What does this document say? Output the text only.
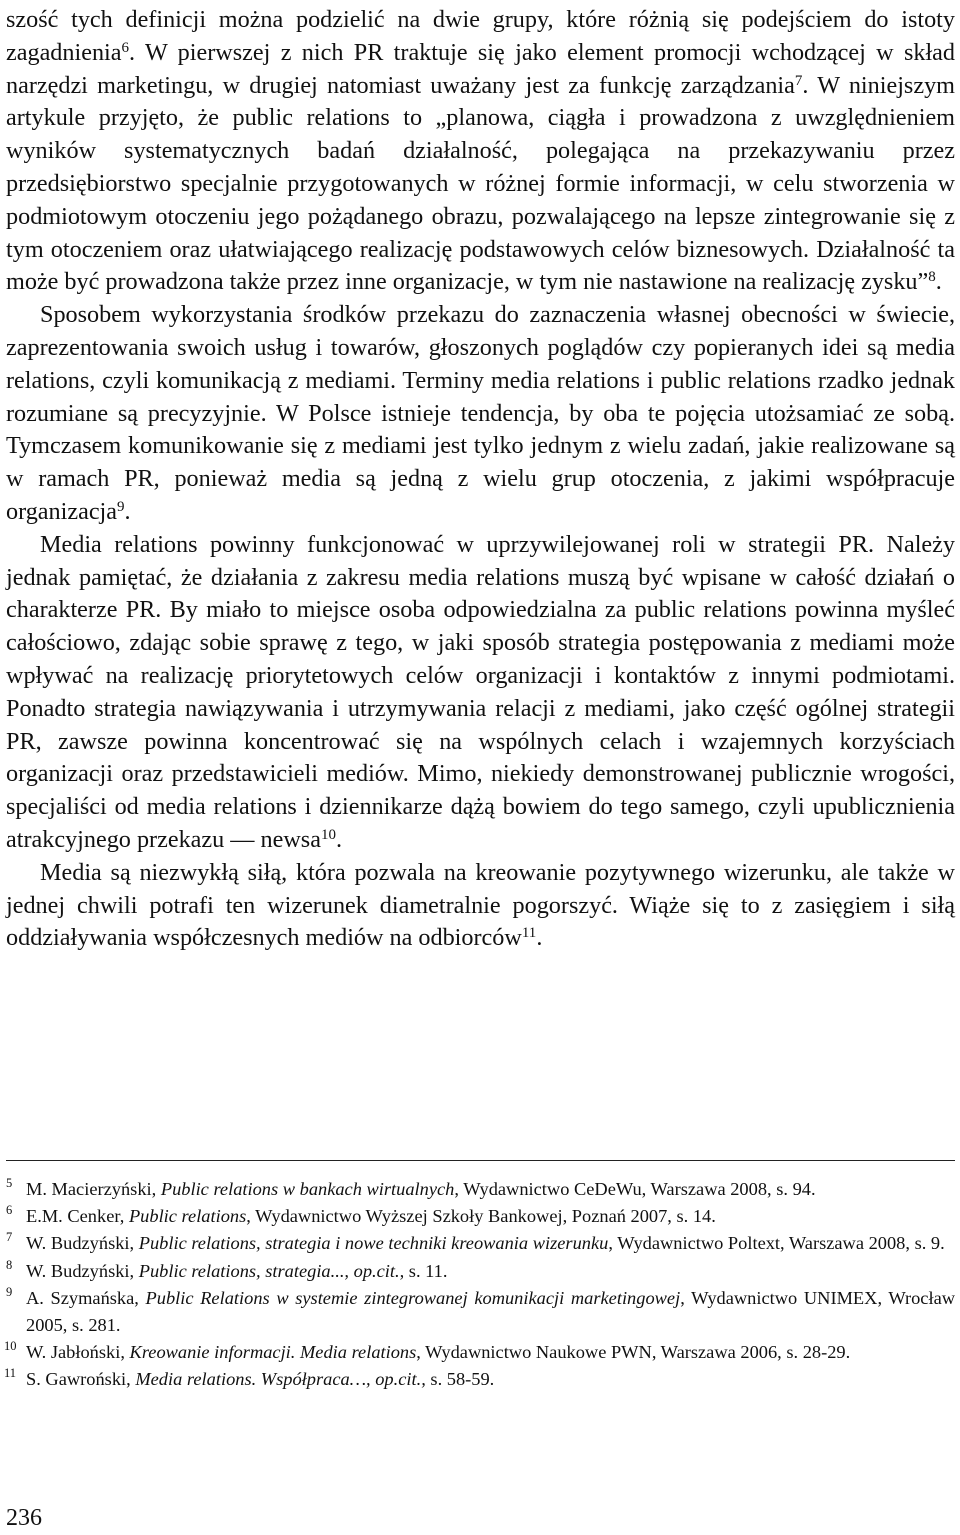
szość tych definicji można podzielić na dwie grupy, które różnią się podejściem do istoty zagadnienia$^6$. W pierwszej z nich PR traktuje się jako element promocji wchodzącej w skład narzędzi marketingu, w drugiej natomiast uważany jest za funkcję zarządzania$^7$. W niniejszym artykule przyjęto, że public relations to „planowa, ciągła i prowadzona z uwzględnieniem wyników systematycznych badań działalność, polegająca na przekazywaniu przez przedsiębiorstwo specjalnie przygotowanych w różnej formie informacji, w celu stworzenia w podmiotowym otoczeniu jego pożądanego obrazu, pozwalającego na lepsze zintegrowanie się z tym otoczeniem oraz ułatwiającego realizację podstawowych celów biznesowych. Działalność ta może być prowadzona także przez inne organizacje, w tym nie nastawione na realizację zysku”$^8$.

Sposobem wykorzystania środków przekazu do zaznaczenia własnej obecności w świecie, zaprezentowania swoich usług i towarów, głoszonych poglądów czy popieranych idei są media relations, czyli komunikacją z mediami. Terminy media relations i public relations rzadko jednak rozumiane są precyzyjnie. W Polsce istnieje tendencja, by oba te pojęcia utożsamiać ze sobą. Tymczasem komunikowanie się z mediami jest tylko jednym z wielu zadań, jakie realizowane są w ramach PR, ponieważ media są jedną z wielu grup otoczenia, z jakimi współpracuje organizacja$^9$.

Media relations powinny funkcjonować w uprzywilejowanej roli w strategii PR. Należy jednak pamiętać, że działania z zakresu media relations muszą być wpisane w całość działań o charakterze PR. By miało to miejsce osoba odpowiedzialna za public relations powinna myśleć całościowo, zdając sobie sprawę z tego, w jaki sposób strategia postępowania z mediami może wpływać na realizację priorytetowych celów organizacji i kontaktów z innymi podmiotami. Ponadto strategia nawiązywania i utrzymywania relacji z mediami, jako część ogólnej strategii PR, zawsze powinna koncentrować się na wspólnych celach i wzajemnych korzyściach organizacji oraz przedstawicieli mediów. Mimo, niekiedy demonstrowanej publicznie wrogości, specjaliści od media relations i dziennikarze dążą bowiem do tego samego, czyli upublicznienia atrakcyjnego przekazu — newsa$^{10}$.

Media są niezwykłą siłą, która pozwala na kreowanie pozytywnego wizerunku, ale także w jednej chwili potrafi ten wizerunek diametralnie pogorszyć. Wiąże się to z zasięgiem i siłą oddziaływania współczesnych mediów na odbiorców$^{11}$.

5 M. Macierzyński, Public relations w bankach wirtualnych, Wydawnictwo CeDeWu, Warszawa 2008, s. 94.
6 E.M. Cenker, Public relations, Wydawnictwo Wyższej Szkoły Bankowej, Poznań 2007, s. 14.
7 W. Budzyński, Public relations, strategia i nowe techniki kreowania wizerunku, Wydawnictwo Poltext, Warszawa 2008, s. 9.
8 W. Budzyński, Public relations, strategia..., op.cit., s. 11.
9 A. Szymańska, Public Relations w systemie zintegrowanej komunikacji marketingowej, Wydawnictwo UNIMEX, Wrocław 2005, s. 281.
10 W. Jabłoński, Kreowanie informacji. Media relations, Wydawnictwo Naukowe PWN, Warszawa 2006, s. 28-29.
11 S. Gawroński, Media relations. Współpraca…, op.cit., s. 58-59.
236
